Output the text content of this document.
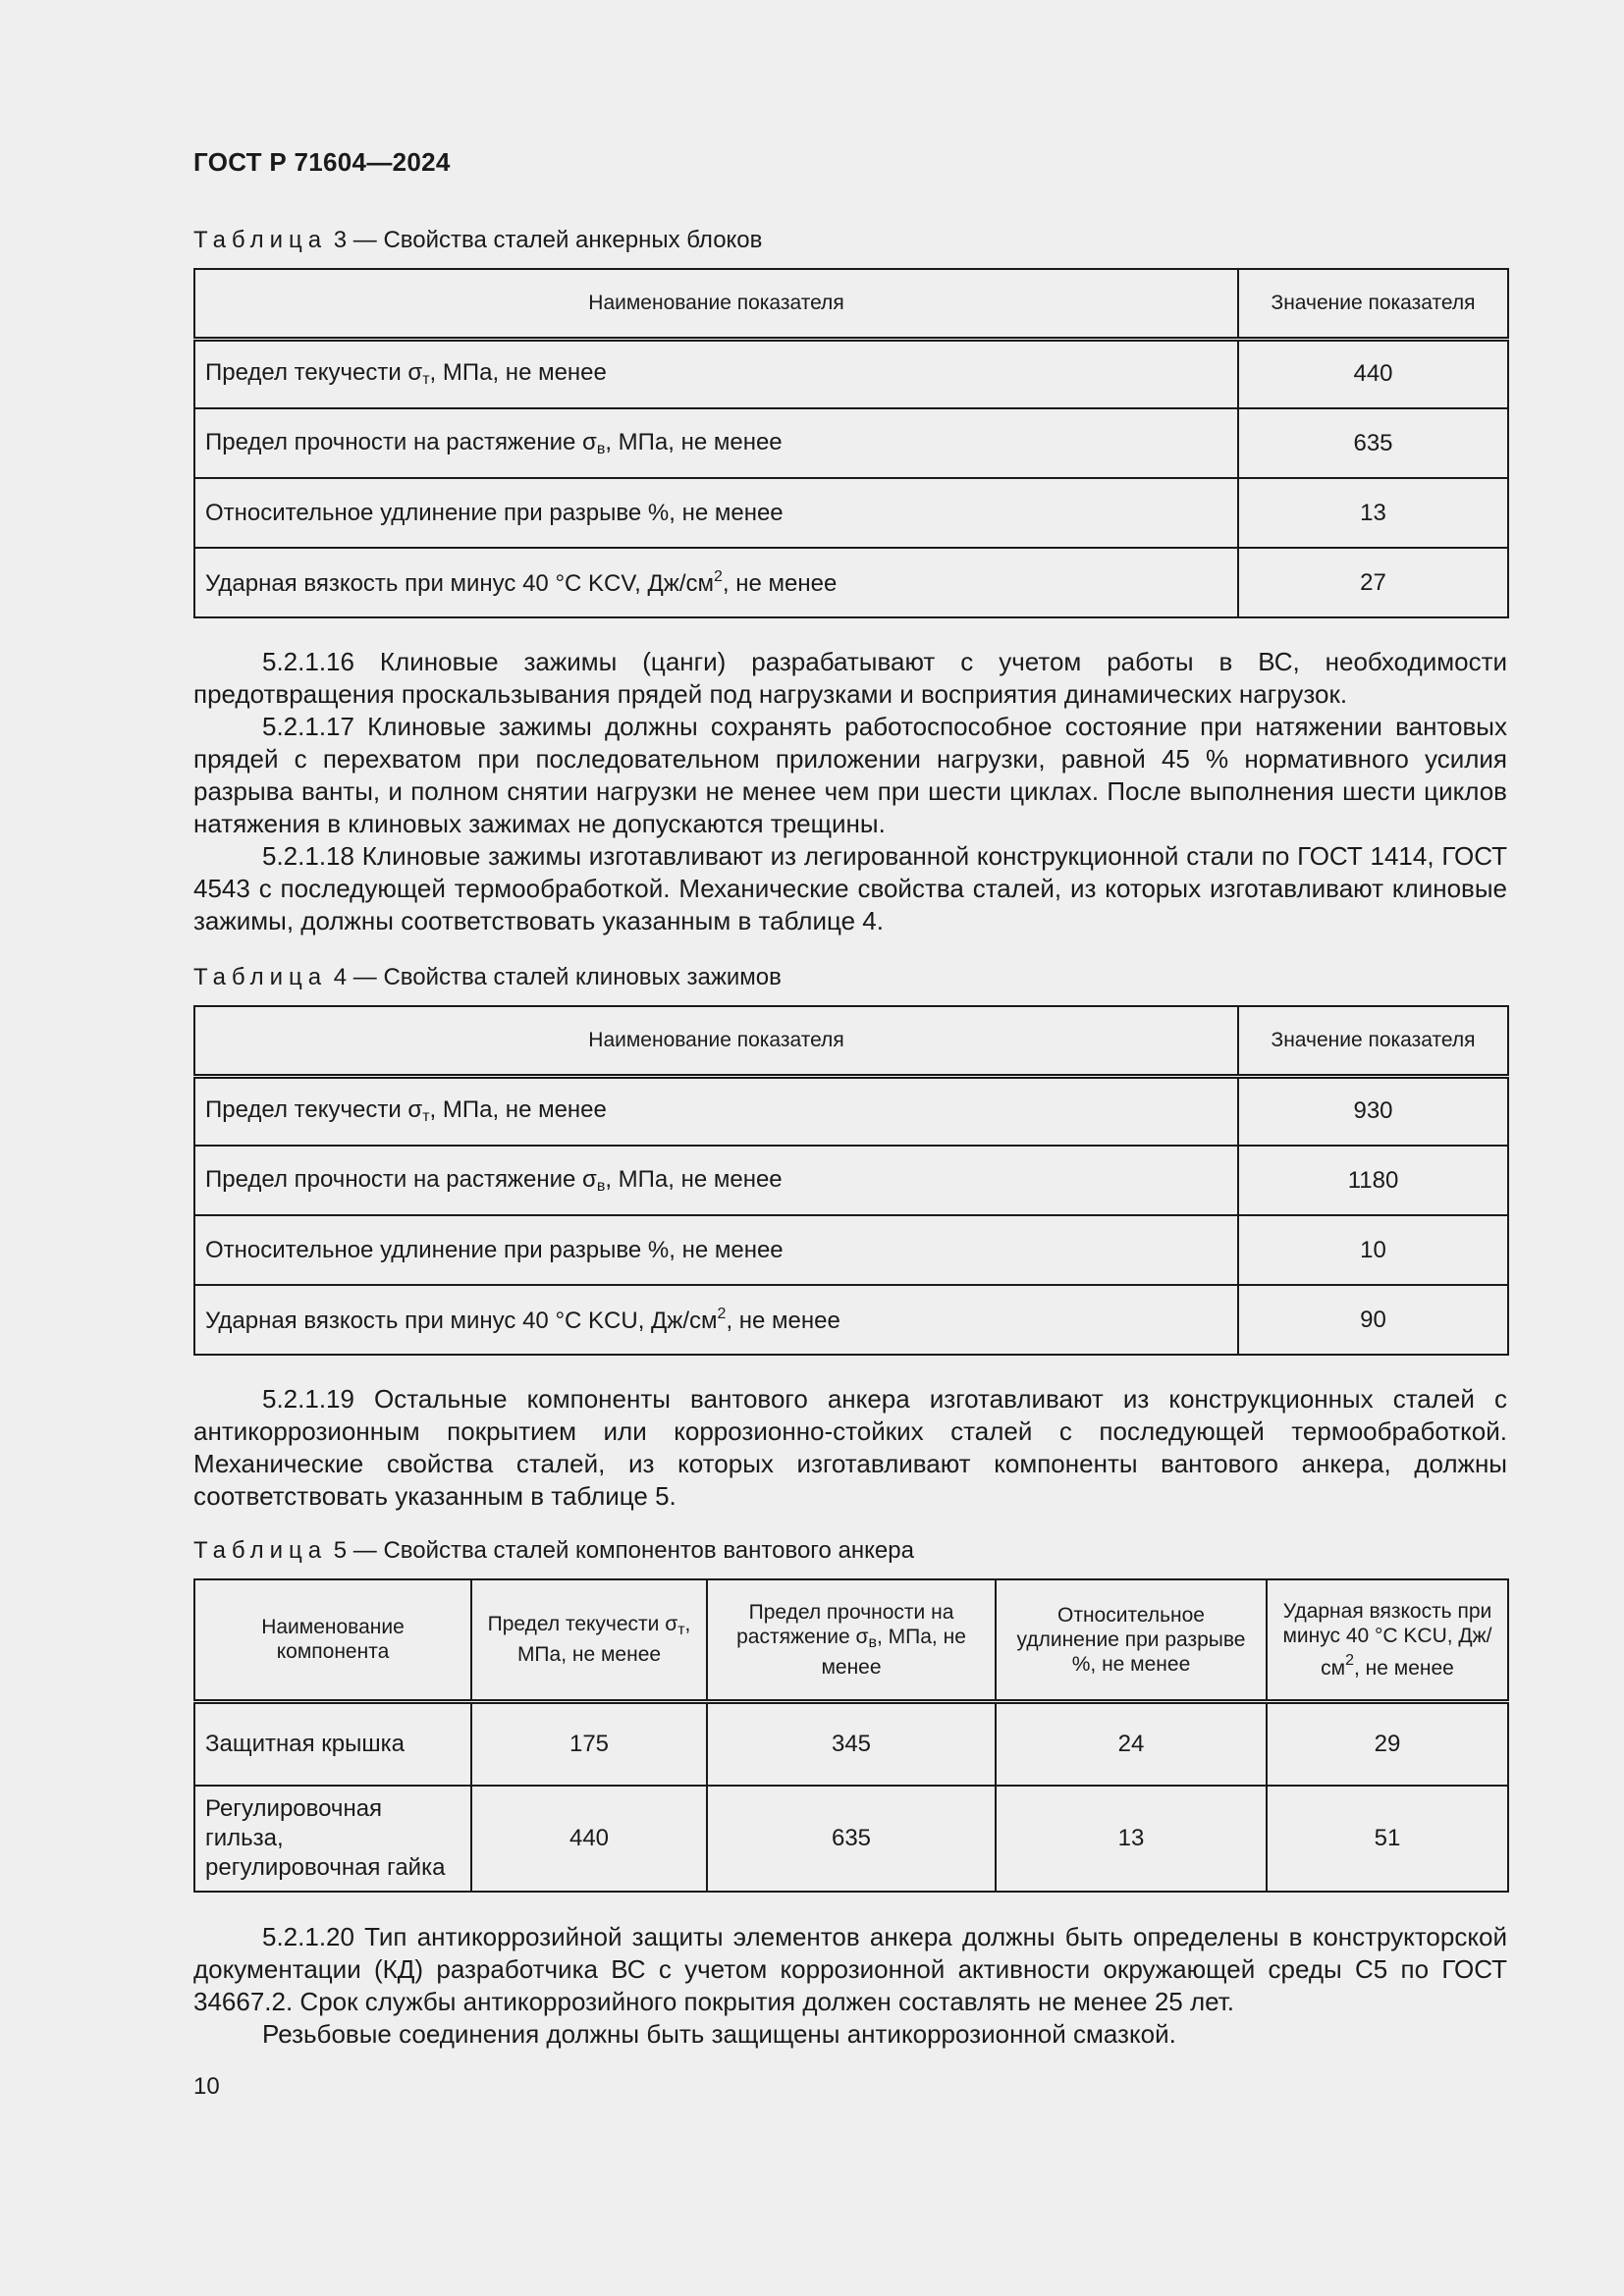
ГОСТ Р 71604—2024
Таблица 3 — Свойства сталей анкерных блоков
Наименование показателя	Значение показателя
Предел текучести $\sigma_т$, МПа, не менее	440
Предел прочности на растяжение $\sigma_в$, МПа, не менее	635
Относительное удлинение при разрыве %, не менее	13
Ударная вязкость при минус 40 °С KCV, $Дж/см^2$, не менее	27

5.2.1.16 Клиновые зажимы (цанги) разрабатывают с учетом работы в ВС, необходимости предотвращения проскальзывания прядей под нагрузками и восприятия динамических нагрузок.

5.2.1.17 Клиновые зажимы должны сохранять работоспособное состояние при натяжении вантовых прядей с перехватом при последовательном приложении нагрузки, равной 45 % нормативного усилия разрыва ванты, и полном снятии нагрузки не менее чем при шести циклах. После выполнения шести циклов натяжения в клиновых зажимах не допускаются трещины.

5.2.1.18 Клиновые зажимы изготавливают из легированной конструкционной стали по ГОСТ 1414, ГОСТ 4543 с последующей термообработкой. Механические свойства сталей, из которых изготавливают клиновые зажимы, должны соответствовать указанным в таблице 4.

Таблица 4 — Свойства сталей клиновых зажимов
Наименование показателя	Значение показателя
Предел текучести $\sigma_т$, МПа, не менее	930
Предел прочности на растяжение $\sigma_в$, МПа, не менее	1180
Относительное удлинение при разрыве %, не менее	10
Ударная вязкость при минус 40 °С KCU, $Дж/см^2$, не менее	90

5.2.1.19 Остальные компоненты вантового анкера изготавливают из конструкционных сталей с антикоррозионным покрытием или коррозионно-стойких сталей с последующей термообработкой. Механические свойства сталей, из которых изготавливают компоненты вантового анкера, должны соответствовать указанным в таблице 5.

Таблица 5 — Свойства сталей компонентов вантового анкера
Наименование компонента	Предел текучести $\sigma_т$, МПа, не менее	Предел прочности на растяжение $\sigma_в$, МПа, не менее	Относительное удлинение при разрыве %, не менее	Ударная вязкость при минус 40 °С KCU, $Дж/см^2$, не менее
Защитная крышка	175	345	24	29
Регулировочная гильза, регулировочная гайка	440	635	13	51

5.2.1.20 Тип антикоррозийной защиты элементов анкера должны быть определены в конструкторской документации (КД) разработчика ВС с учетом коррозионной активности окружающей среды С5 по ГОСТ 34667.2. Срок службы антикоррозийного покрытия должен составлять не менее 25 лет.

Резьбовые соединения должны быть защищены антикоррозионной смазкой.

10
